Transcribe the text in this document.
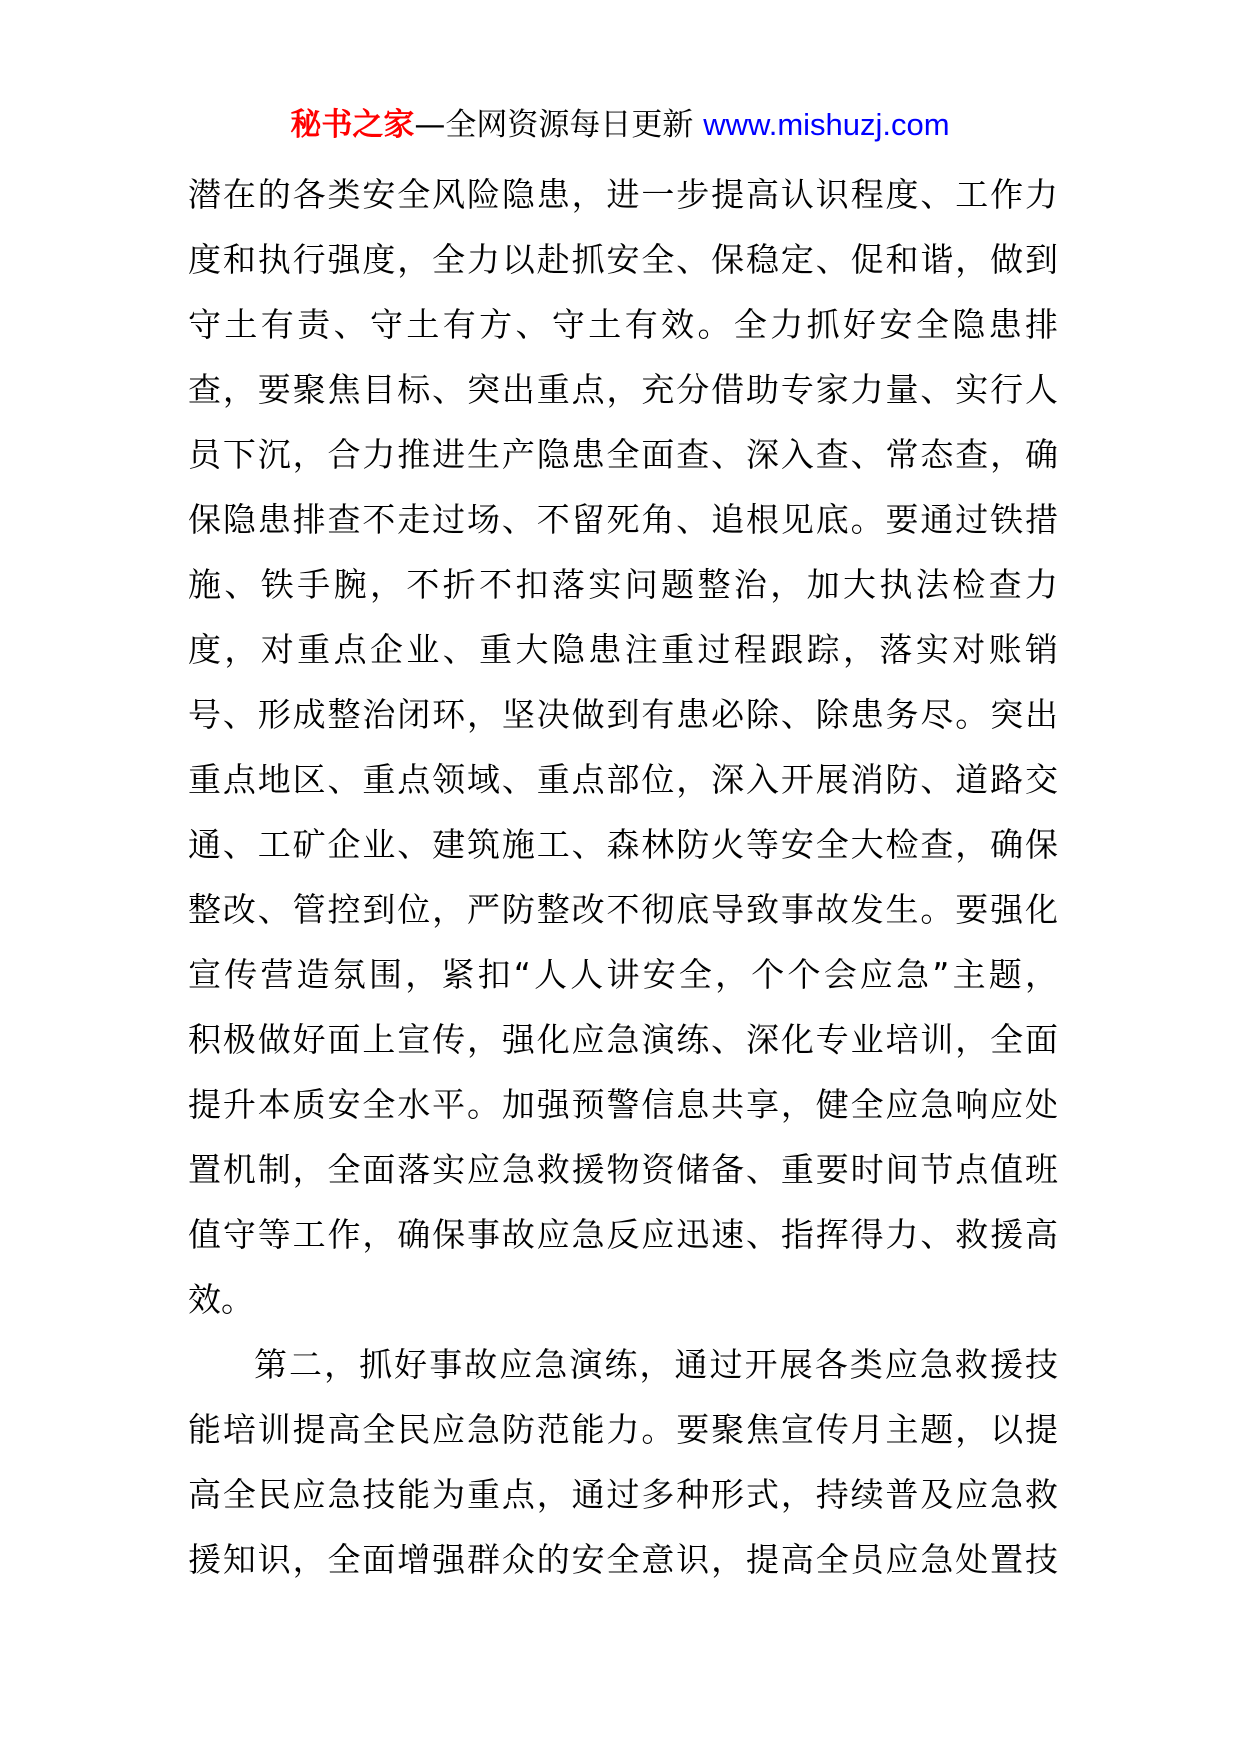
秘书之家—全网资源每日更新 www.mishuzj.com
潜在的各类安全风险隐患，进一步提高认识程度、工作力
度和执行强度，全力以赴抓安全、保稳定、促和谐，做到
守土有责、守土有方、守土有效。全力抓好安全隐患排
查，要聚焦目标、突出重点，充分借助专家力量、实行人
员下沉，合力推进生产隐患全面查、深入查、常态查，确
保隐患排查不走过场、不留死角、追根见底。要通过铁措
施、铁手腕，不折不扣落实问题整治，加大执法检查力
度，对重点企业、重大隐患注重过程跟踪，落实对账销
号、形成整治闭环，坚决做到有患必除、除患务尽。突出
重点地区、重点领域、重点部位，深入开展消防、道路交
通、工矿企业、建筑施工、森林防火等安全大检查，确保
整改、管控到位，严防整改不彻底导致事故发生。要强化
宣传营造氛围，紧扣“人人讲安全，个个会应急”主题，
积极做好面上宣传，强化应急演练、深化专业培训，全面
提升本质安全水平。加强预警信息共享，健全应急响应处
置机制，全面落实应急救援物资储备、重要时间节点值班
值守等工作，确保事故应急反应迅速、指挥得力、救援高
效。
第二，抓好事故应急演练，通过开展各类应急救援技
能培训提高全民应急防范能力。要聚焦宣传月主题，以提
高全民应急技能为重点，通过多种形式，持续普及应急救
援知识，全面增强群众的安全意识，提高全员应急处置技
